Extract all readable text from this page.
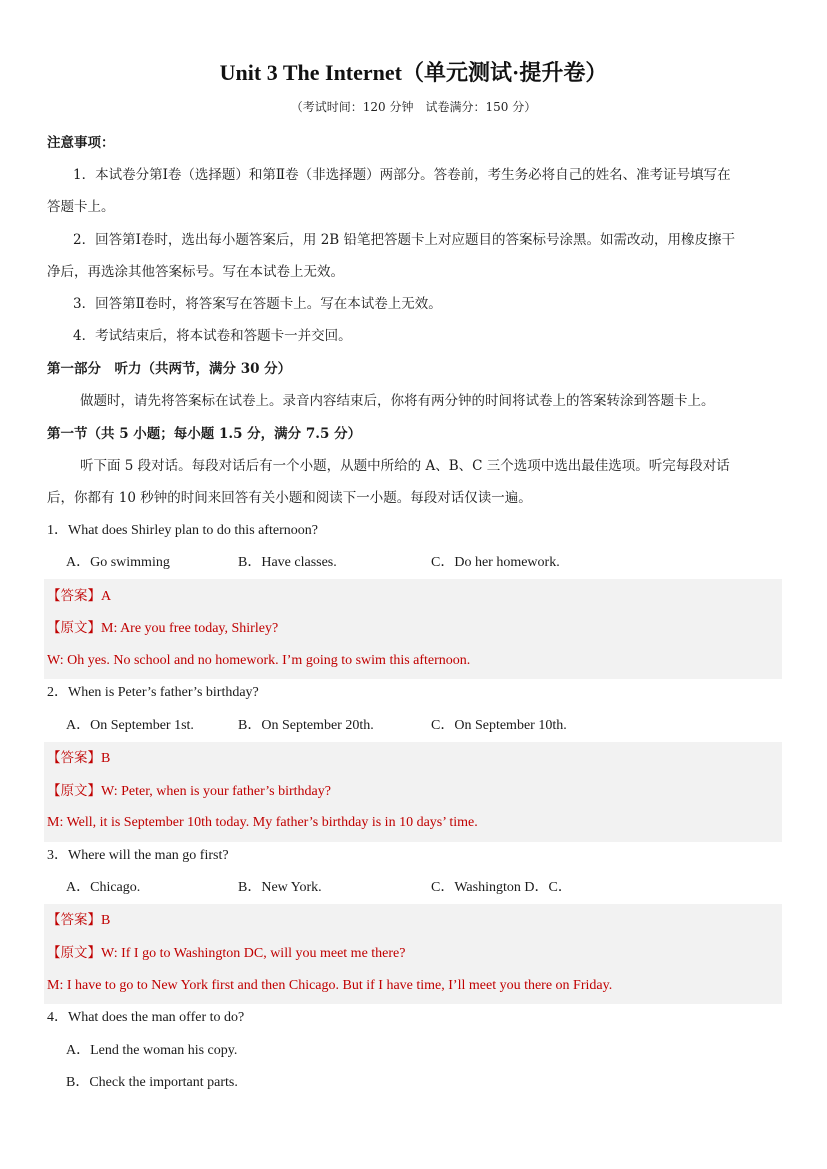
Unit 3 The Internet（单元测试·提升卷）
（考试时间：120 分钟　试卷满分：150 分）
注意事项：
1．本试卷分第Ⅰ卷（选择题）和第Ⅱ卷（非选择题）两部分。答卷前，考生务必将自己的姓名、准考证号填写在
答题卡上。
2．回答第Ⅰ卷时，选出每小题答案后，用 2B 铅笔把答题卡上对应题目的答案标号涂黑。如需改动，用橡皮擦干
净后，再选涂其他答案标号。写在本试卷上无效。
3．回答第Ⅱ卷时，将答案写在答题卡上。写在本试卷上无效。
4．考试结束后，将本试卷和答题卡一并交回。
第一部分　听力（共两节，满分 30 分）
做题时，请先将答案标在试卷上。录音内容结束后，你将有两分钟的时间将试卷上的答案转涂到答题卡上。
第一节（共 5 小题；每小题 1.5 分，满分 7.5 分）
听下面 5 段对话。每段对话后有一个小题，从题中所给的 A、B、C 三个选项中选出最佳选项。听完每段对话
后，你都有 10 秒钟的时间来回答有关小题和阅读下一小题。每段对话仅读一遍。
1．What does Shirley plan to do this afternoon?
A．Go swimming	B．Have classes.	C．Do her homework.
【答案】A
【原文】M: Are you free today, Shirley?
W: Oh yes. No school and no homework. I’m going to swim this afternoon.
2．When is Peter’s father’s birthday?
A．On September 1st.	B．On September 20th.	C．On September 10th.
【答案】B
【原文】W: Peter, when is your father’s birthday?
M: Well, it is September 10th today. My father’s birthday is in 10 days’ time.
3．Where will the man go first?
A．Chicago.	B．New York.	C．Washington D．C．
【答案】B
【原文】W: If I go to Washington DC, will you meet me there?
M: I have to go to New York first and then Chicago. But if I have time, I’ll meet you there on Friday.
4．What does the man offer to do?
A．Lend the woman his copy.
B．Check the important parts.
